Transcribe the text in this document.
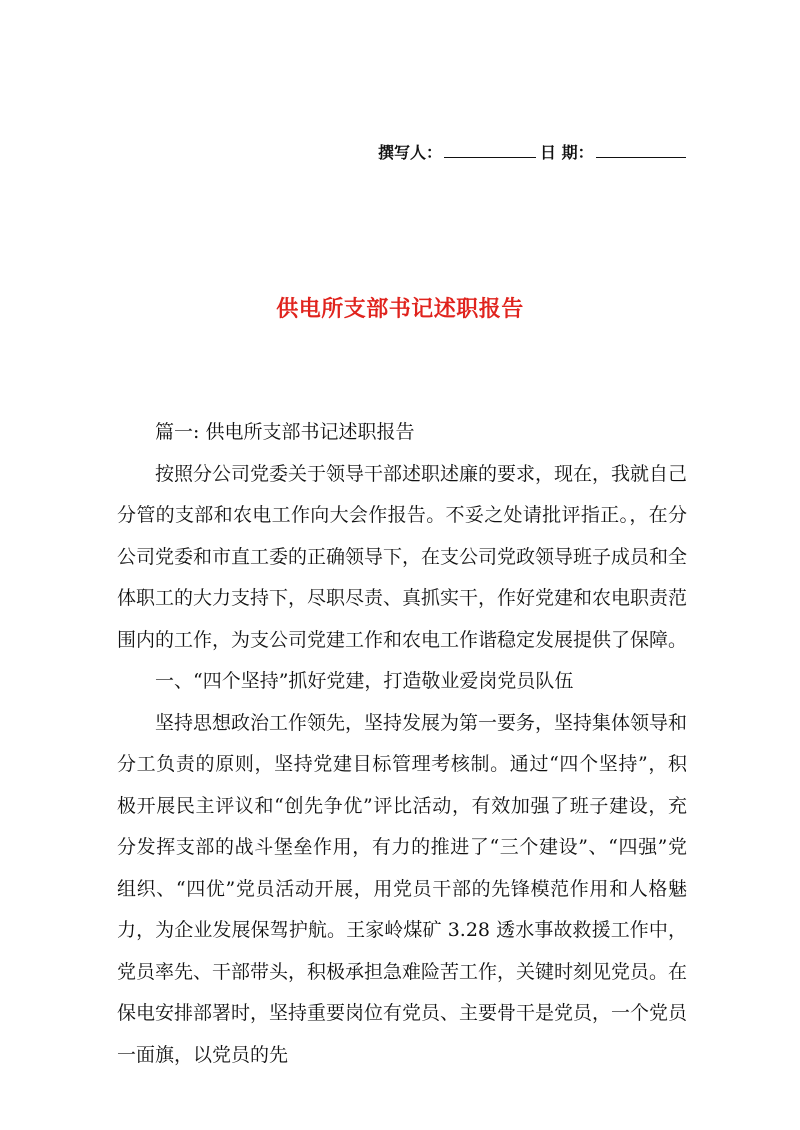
撰写人：	日 期：
供电所支部书记述职报告

篇一: 供电所支部书记述职报告

按照分公司党委关于领导干部述职述廉的要求，现在，我就自己分管的支部和农电工作向大会作报告。不妥之处请批评指正。，在分公司党委和市直工委的正确领导下，在支公司党政领导班子成员和全体职工的大力支持下，尽职尽责、真抓实干，作好党建和农电职责范围内的工作，为支公司党建工作和农电工作谐稳定发展提供了保障。

一、“四个坚持”抓好党建，打造敬业爱岗党员队伍

坚持思想政治工作领先，坚持发展为第一要务，坚持集体领导和分工负责的原则，坚持党建目标管理考核制。通过“四个坚持”，积极开展民主评议和“创先争优”评比活动，有效加强了班子建设，充分发挥支部的战斗堡垒作用，有力的推进了“三个建设”、“四强”党组织、“四优”党员活动开展，用党员干部的先锋模范作用和人格魅力，为企业发展保驾护航。王家岭煤矿 3.28 透水事故救援工作中，党员率先、干部带头，积极承担急难险苦工作，关键时刻见党员。在保电安排部署时，坚持重要岗位有党员、主要骨干是党员，一个党员一面旗，以党员的先
